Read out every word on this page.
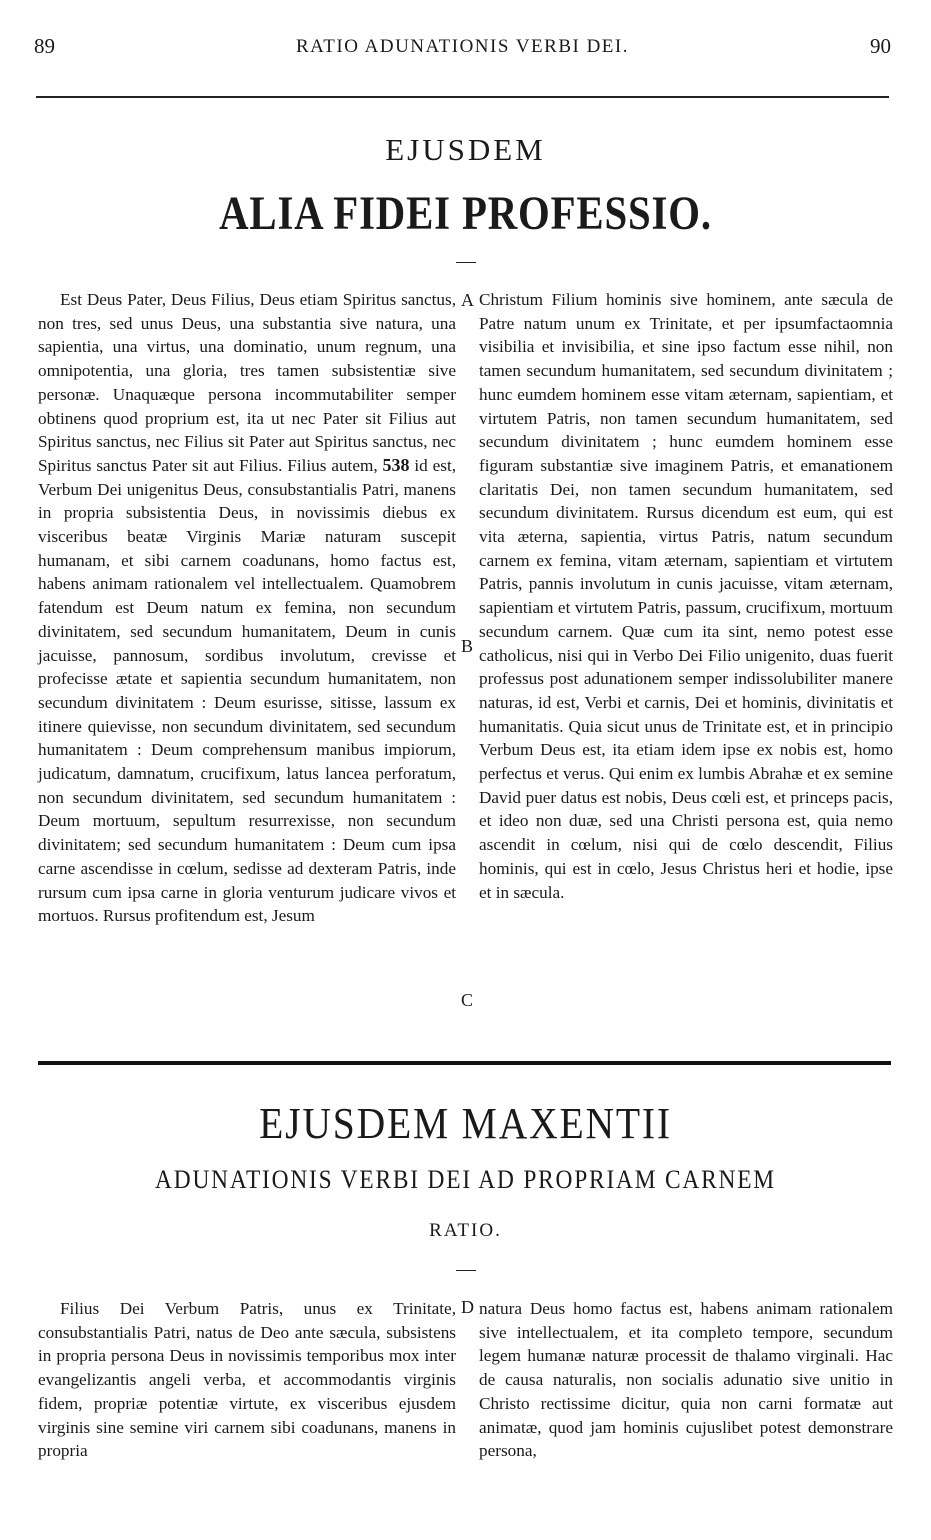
89	RATIO ADUNATIONIS VERBI DEI.	90
EJUSDEM
ALIA FIDEI PROFESSIO.

Est Deus Pater, Deus Filius, Deus etiam Spiritus sanctus, non tres, sed unus Deus, una substantia sive natura, una sapientia, una virtus, una dominatio, unum regnum, una omnipotentia, una gloria, tres tamen subsistentiæ sive personæ. Unaquæque persona incommutabiliter semper obtinens quod proprium est, ita ut nec Pater sit Filius aut Spiritus sanctus, nec Filius sit Pater aut Spiritus sanctus, nec Spiritus sanctus Pater sit aut Filius. Filius autem, 538 id est, Verbum Dei unigenitus Deus, consubstantialis Patri, manens in propria subsistentia Deus, in novissimis diebus ex visceribus beatæ Virginis Mariæ naturam suscepit humanam, et sibi carnem coadunans, homo factus est, habens animam rationalem vel intellectualem. Quamobrem fatendum est Deum natum ex femina, non secundum divinitatem, sed secundum humanitatem, Deum in cunis jacuisse, pannosum, sordibus involutum, crevisse et profecisse ætate et sapientia secundum humanitatem, non secundum divinitatem : Deum esurisse, sitisse, lassum ex itinere quievisse, non secundum divinitatem, sed secundum humanitatem : Deum comprehensum manibus impiorum, judicatum, damnatum, crucifixum, latus lancea perforatum, non secundum divinitatem, sed secundum humanitatem : Deum mortuum, sepultum resurrexisse, non secundum divinitatem; sed secundum humanitatem : Deum cum ipsa carne ascendisse in cœlum, sedisse ad dexteram Patris, inde rursum cum ipsa carne in gloria venturum judicare vivos et mortuos. Rursus profitendum est, Jesum

Christum Filium hominis sive hominem, ante sæcula de Patre natum unum ex Trinitate, et per ipsumfactaomnia visibilia et invisibilia, et sine ipso factum esse nihil, non tamen secundum humanitatem, sed secundum divinitatem ; hunc eumdem hominem esse vitam æternam, sapientiam, et virtutem Patris, non tamen secundum humanitatem, sed secundum divinitatem ; hunc eumdem hominem esse figuram substantiæ sive imaginem Patris, et emanationem claritatis Dei, non tamen secundum humanitatem, sed secundum divinitatem. Rursus dicendum est eum, qui est vita æterna, sapientia, virtus Patris, natum secundum carnem ex femina, vitam æternam, sapientiam et virtutem Patris, pannis involutum in cunis jacuisse, vitam æternam, sapientiam et virtutem Patris, passum, crucifixum, mortuum secundum carnem. Quæ cum ita sint, nemo potest esse catholicus, nisi qui in Verbo Dei Filio unigenito, duas fuerit professus post adunationem semper indissolubiliter manere naturas, id est, Verbi et carnis, Dei et hominis, divinitatis et humanitatis. Quia sicut unus de Trinitate est, et in principio Verbum Deus est, ita etiam idem ipse ex nobis est, homo perfectus et verus. Qui enim ex lumbis Abrahæ et ex semine David puer datus est nobis, Deus cœli est, et princeps pacis, et ideo non duæ, sed una Christi persona est, quia nemo ascendit in cœlum, nisi qui de cœlo descendit, Filius hominis, qui est in cœlo, Jesus Christus heri et hodie, ipse et in sæcula.

A
B
C
EJUSDEM MAXENTII
ADUNATIONIS VERBI DEI AD PROPRIAM CARNEM
RATIO.

Filius Dei Verbum Patris, unus ex Trinitate, consubstantialis Patri, natus de Deo ante sæcula, subsistens in propria persona Deus in novissimis temporibus mox inter evangelizantis angeli verba, et accommodantis virginis fidem, propriæ potentiæ virtute, ex visceribus ejusdem virginis sine semine viri carnem sibi coadunans, manens in propria

natura Deus homo factus est, habens animam rationalem sive intellectualem, et ita completo tempore, secundum legem humanæ naturæ processit de thalamo virginali. Hac de causa naturalis, non socialis adunatio sive unitio in Christo rectissime dicitur, quia non carni formatæ aut animatæ, quod jam hominis cujuslibet potest demonstrare persona,

D
